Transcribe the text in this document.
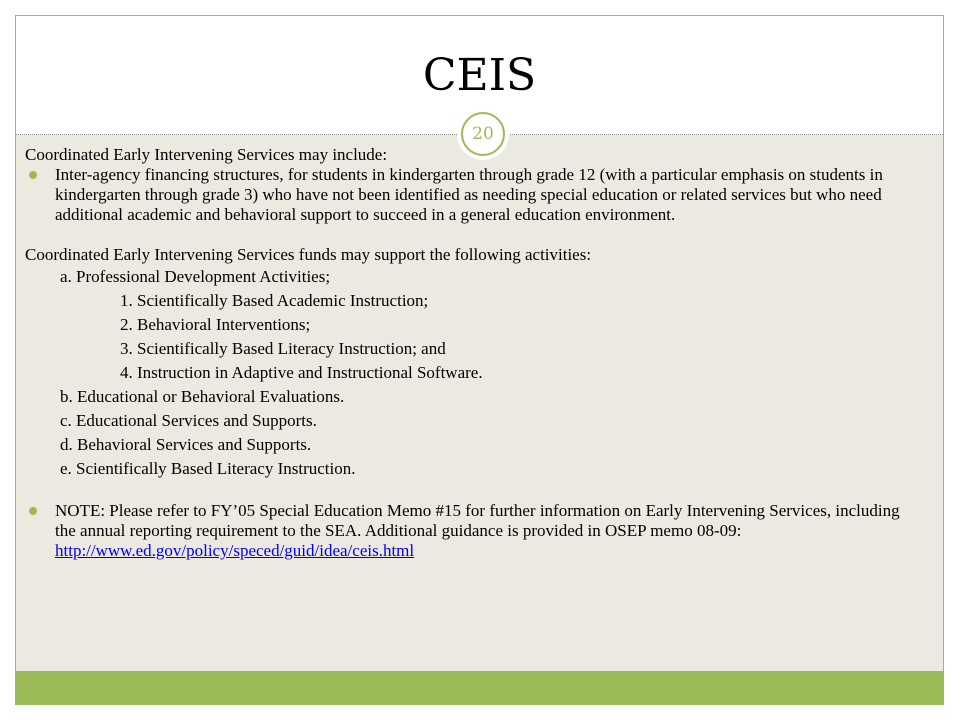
CEIS
20

Coordinated Early Intervening Services may include:

Inter-agency financing structures, for students in kindergarten through grade 12 (with a particular emphasis on students in kindergarten through grade 3) who have not been identified as needing special education or related services but who need additional academic and behavioral support to succeed in a general education environment.

Coordinated Early Intervening Services funds may support the following activities:

a. Professional Development Activities;

1. Scientifically Based Academic Instruction;

2. Behavioral Interventions;

3. Scientifically Based Literacy Instruction; and

4. Instruction in Adaptive and Instructional Software.

b. Educational or Behavioral Evaluations.

c. Educational Services and Supports.

d. Behavioral Services and Supports.

e. Scientifically Based Literacy Instruction.

NOTE: Please refer to FY’05 Special Education Memo #15 for further information on Early Intervening Services, including the annual reporting requirement to the SEA. Additional guidance is provided in OSEP memo 08-09:
http://www.ed.gov/policy/speced/guid/idea/ceis.html
